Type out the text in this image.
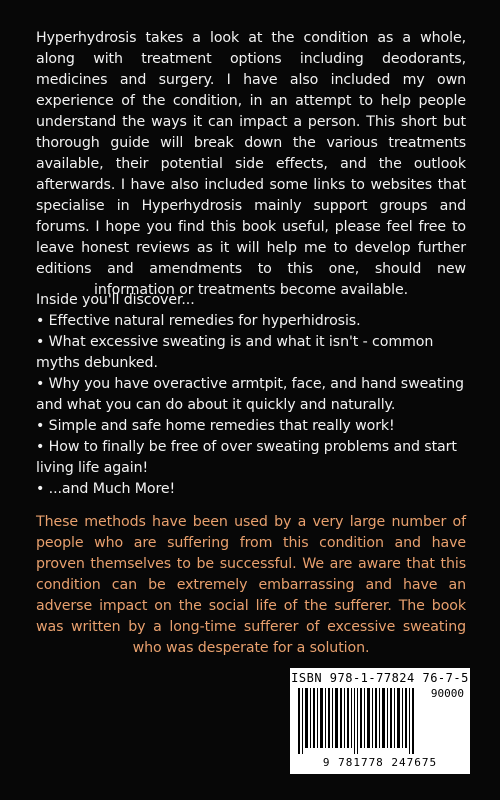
Hyperhydrosis takes a look at the condition as a whole, along with treatment options including deodorants, medicines and surgery. I have also included my own experience of the condition, in an attempt to help people understand the ways it can impact a person. This short but thorough guide will break down the various treatments available, their potential side effects, and the outlook afterwards. I have also included some links to websites that specialise in Hyperhydrosis mainly support groups and forums. I hope you find this book useful, please feel free to leave honest reviews as it will help me to develop further editions and amendments to this one, should new information or treatments become available.
Inside you'll discover...
• Effective natural remedies for hyperhidrosis.
• What excessive sweating is and what it isn't - common myths debunked.
• Why you have overactive armtpit, face, and hand sweating and what you can do about it quickly and naturally.
• Simple and safe home remedies that really work!
• How to finally be free of over sweating problems and start living life again!
• ...and Much More!
These methods have been used by a very large number of people who are suffering from this condition and have proven themselves to be successful. We are aware that this condition can be extremely embarrassing and have an adverse impact on the social life of the sufferer. The book was written by a long-time sufferer of excessive sweating who was desperate for a solution.
ISBN 978-1-77824 76-7-5
90000
9 781778 247675
